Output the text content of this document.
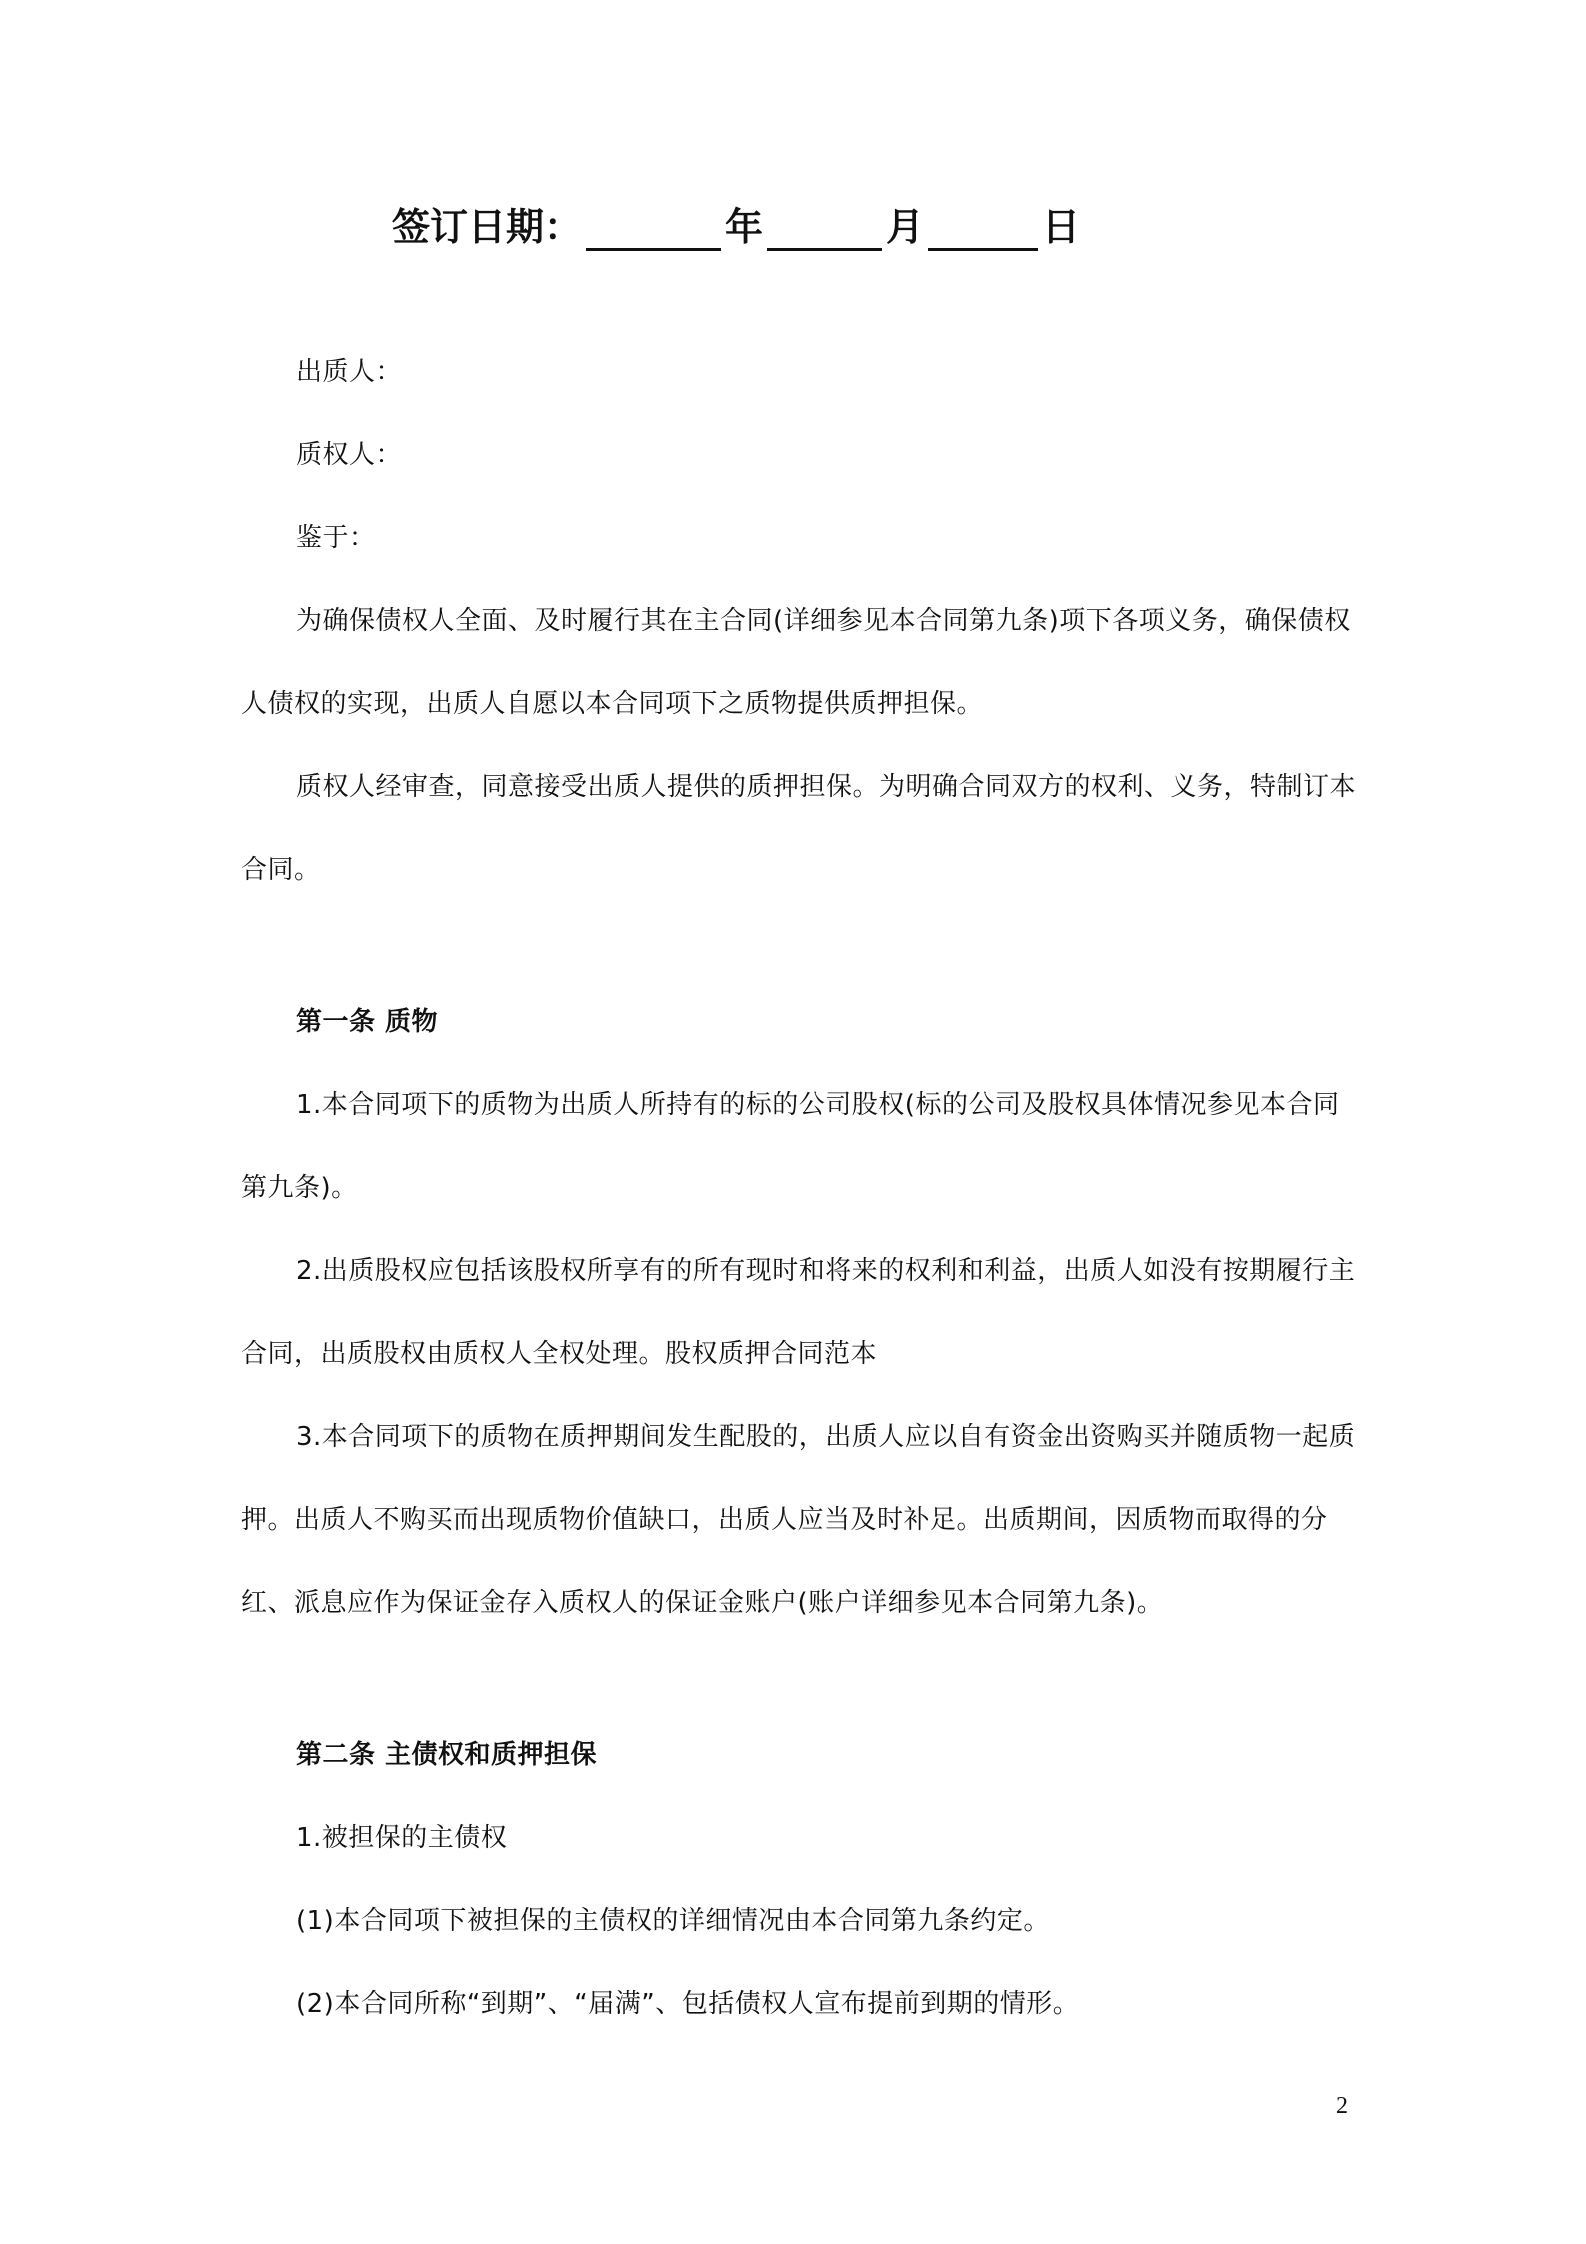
签订日期：	年	月	日
出质人：
质权人：
鉴于：
为确保债权人全面、及时履行其在主合同(详细参见本合同第九条)项下各项义务，确保债权人债权的实现，出质人自愿以本合同项下之质物提供质押担保。
质权人经审查，同意接受出质人提供的质押担保。为明确合同双方的权利、义务，特制订本合同。
第一条 质物
1.本合同项下的质物为出质人所持有的标的公司股权(标的公司及股权具体情况参见本合同第九条)。
2.出质股权应包括该股权所享有的所有现时和将来的权利和利益，出质人如没有按期履行主合同，出质股权由质权人全权处理。股权质押合同范本
3.本合同项下的质物在质押期间发生配股的，出质人应以自有资金出资购买并随质物一起质押。出质人不购买而出现质物价值缺口，出质人应当及时补足。出质期间，因质物而取得的分红、派息应作为保证金存入质权人的保证金账户(账户详细参见本合同第九条)。
第二条 主债权和质押担保
1.被担保的主债权
(1)本合同项下被担保的主债权的详细情况由本合同第九条约定。
(2)本合同所称“到期”、“届满”、包括债权人宣布提前到期的情形。
2
